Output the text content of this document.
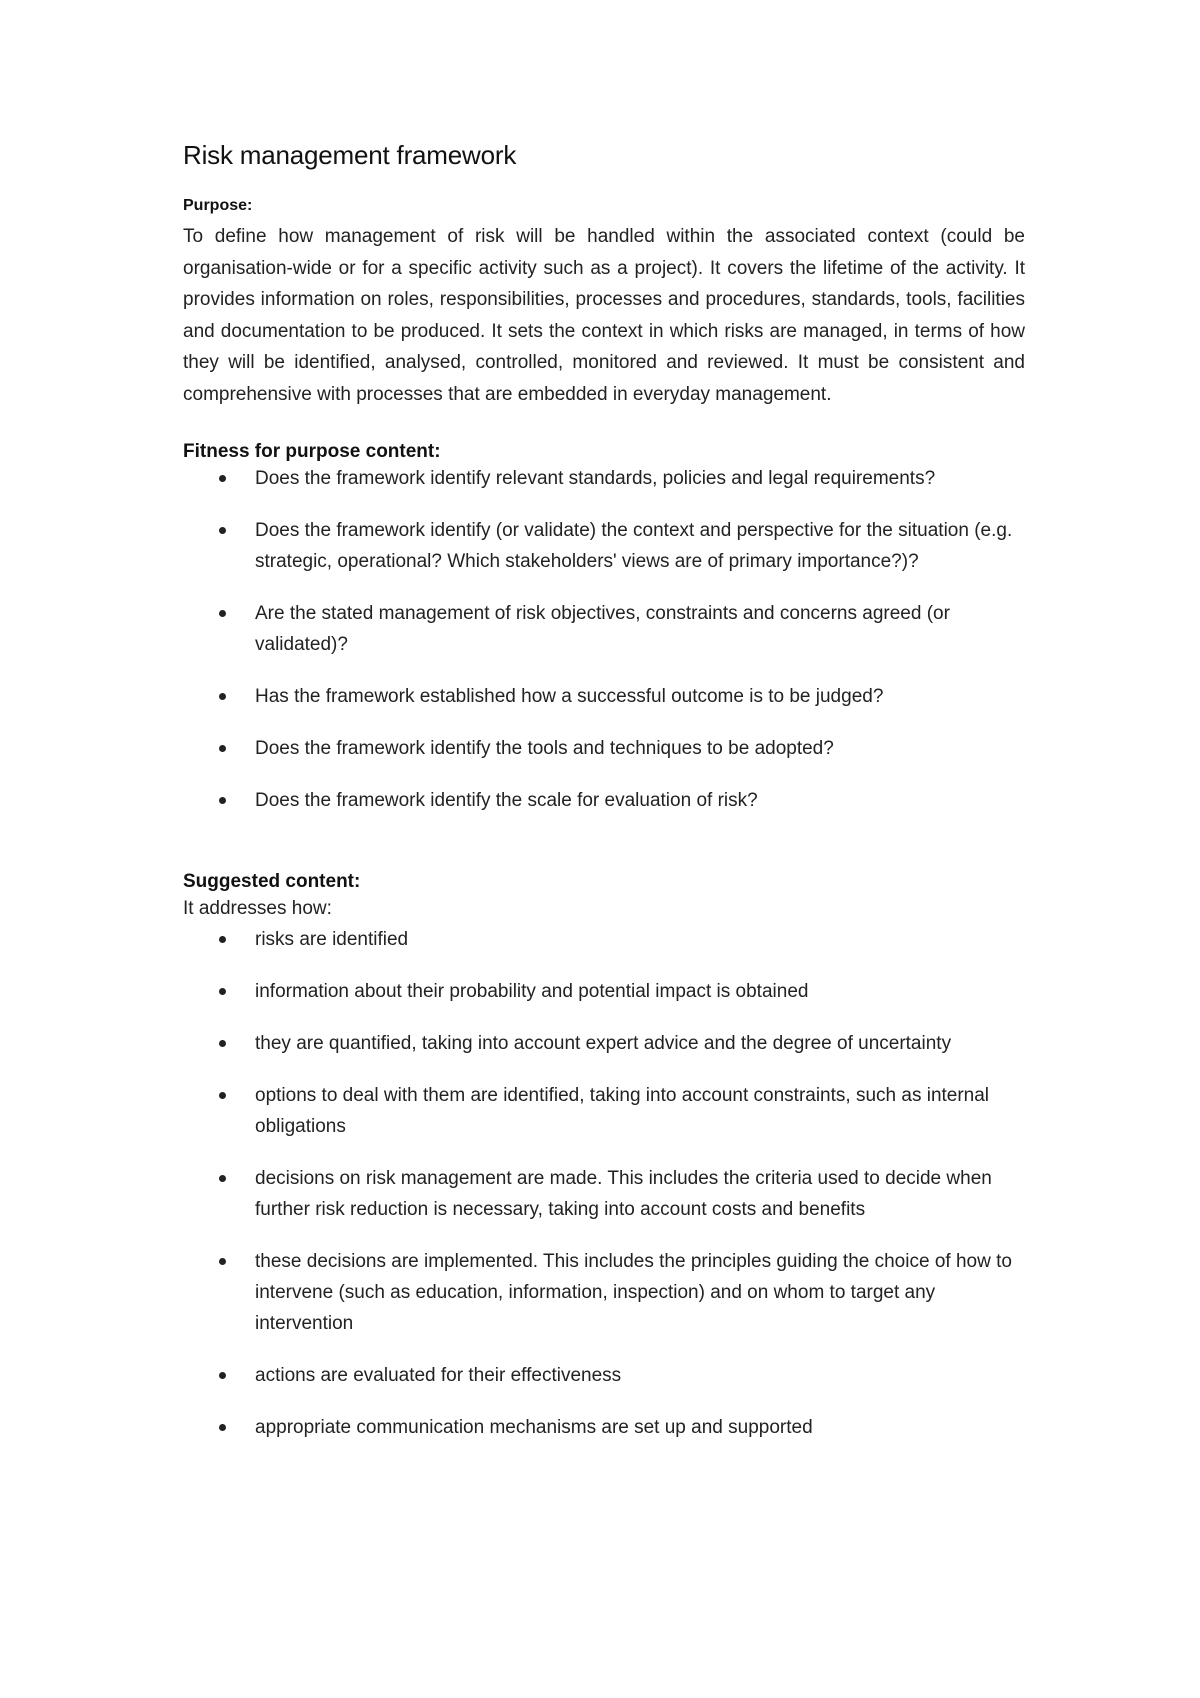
Risk management framework
Purpose:

To define how management of risk will be handled within the associated context (could be organisation-wide or for a specific activity such as a project). It covers the lifetime of the activity. It provides information on roles, responsibilities, processes and procedures, standards, tools, facilities and documentation to be produced. It sets the context in which risks are managed, in terms of how they will be identified, analysed, controlled, monitored and reviewed. It must be consistent and comprehensive with processes that are embedded in everyday management.

Fitness for purpose content:
Does the framework identify relevant standards, policies and legal requirements?
Does the framework identify (or validate) the context and perspective for the situation (e.g. strategic, operational? Which stakeholders' views are of primary importance?)?
Are the stated management of risk objectives, constraints and concerns agreed (or validated)?
Has the framework established how a successful outcome is to be judged?
Does the framework identify the tools and techniques to be adopted?
Does the framework identify the scale for evaluation of risk?
Suggested content:

It addresses how:

risks are identified
information about their probability and potential impact is obtained
they are quantified, taking into account expert advice and the degree of uncertainty
options to deal with them are identified, taking into account constraints, such as internal obligations
decisions on risk management are made. This includes the criteria used to decide when further risk reduction is necessary, taking into account costs and benefits
these decisions are implemented. This includes the principles guiding the choice of how to intervene (such as education, information, inspection) and on whom to target any intervention
actions are evaluated for their effectiveness
appropriate communication mechanisms are set up and supported
